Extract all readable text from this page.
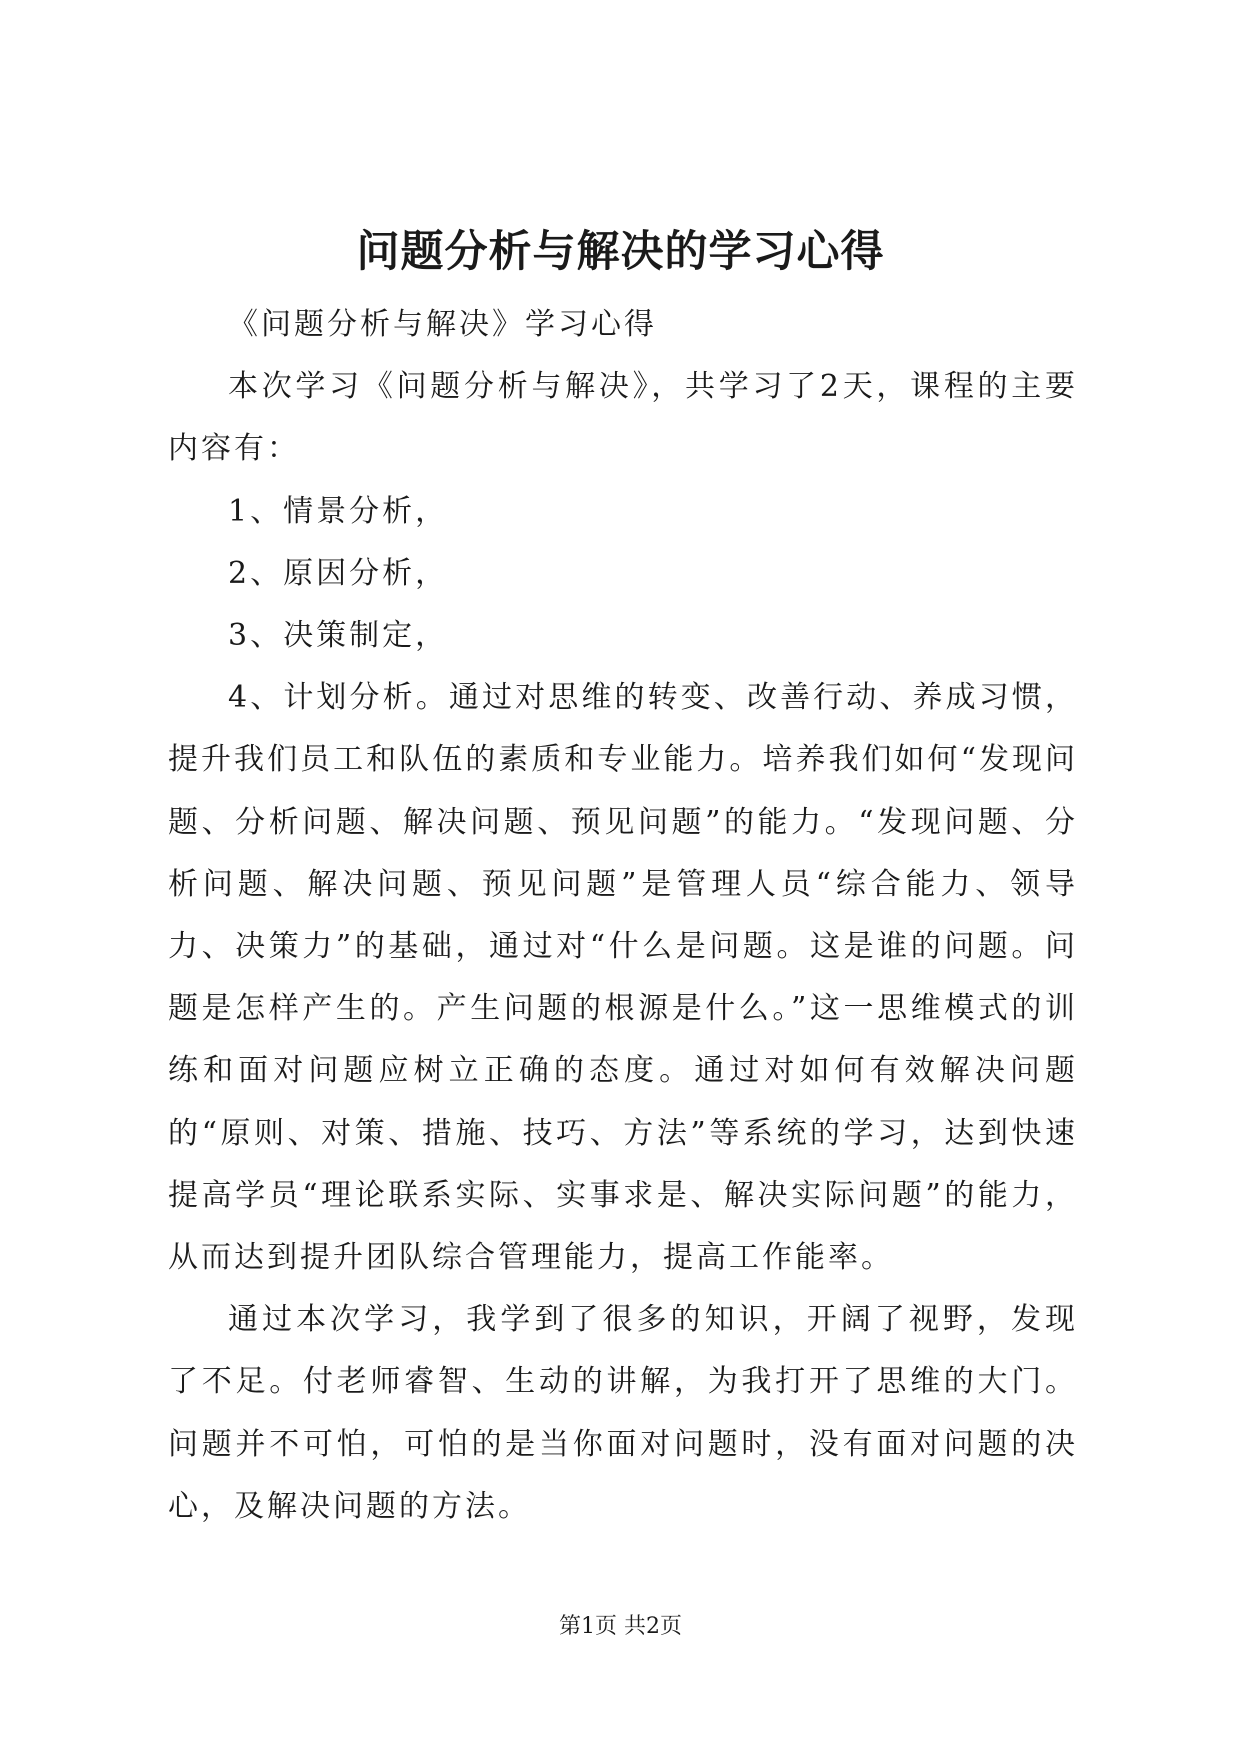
问题分析与解决的学习心得

《问题分析与解决》学习心得

本次学习《问题分析与解决》，共学习了2天，课程的主要内容有：

1、情景分析，

2、原因分析，

3、决策制定，

4、计划分析。通过对思维的转变、改善行动、养成习惯，提升我们员工和队伍的素质和专业能力。培养我们如何“发现问题、分析问题、解决问题、预见问题”的能力。“发现问题、分析问题、解决问题、预见问题”是管理人员“综合能力、领导力、决策力”的基础，通过对“什么是问题。这是谁的问题。问题是怎样产生的。产生问题的根源是什么。”这一思维模式的训练和面对问题应树立正确的态度。通过对如何有效解决问题的“原则、对策、措施、技巧、方法”等系统的学习，达到快速提高学员“理论联系实际、实事求是、解决实际问题”的能力，从而达到提升团队综合管理能力，提高工作能率。

通过本次学习，我学到了很多的知识，开阔了视野，发现了不足。付老师睿智、生动的讲解，为我打开了思维的大门。问题并不可怕，可怕的是当你面对问题时，没有面对问题的决心，及解决问题的方法。

第1页 共2页
